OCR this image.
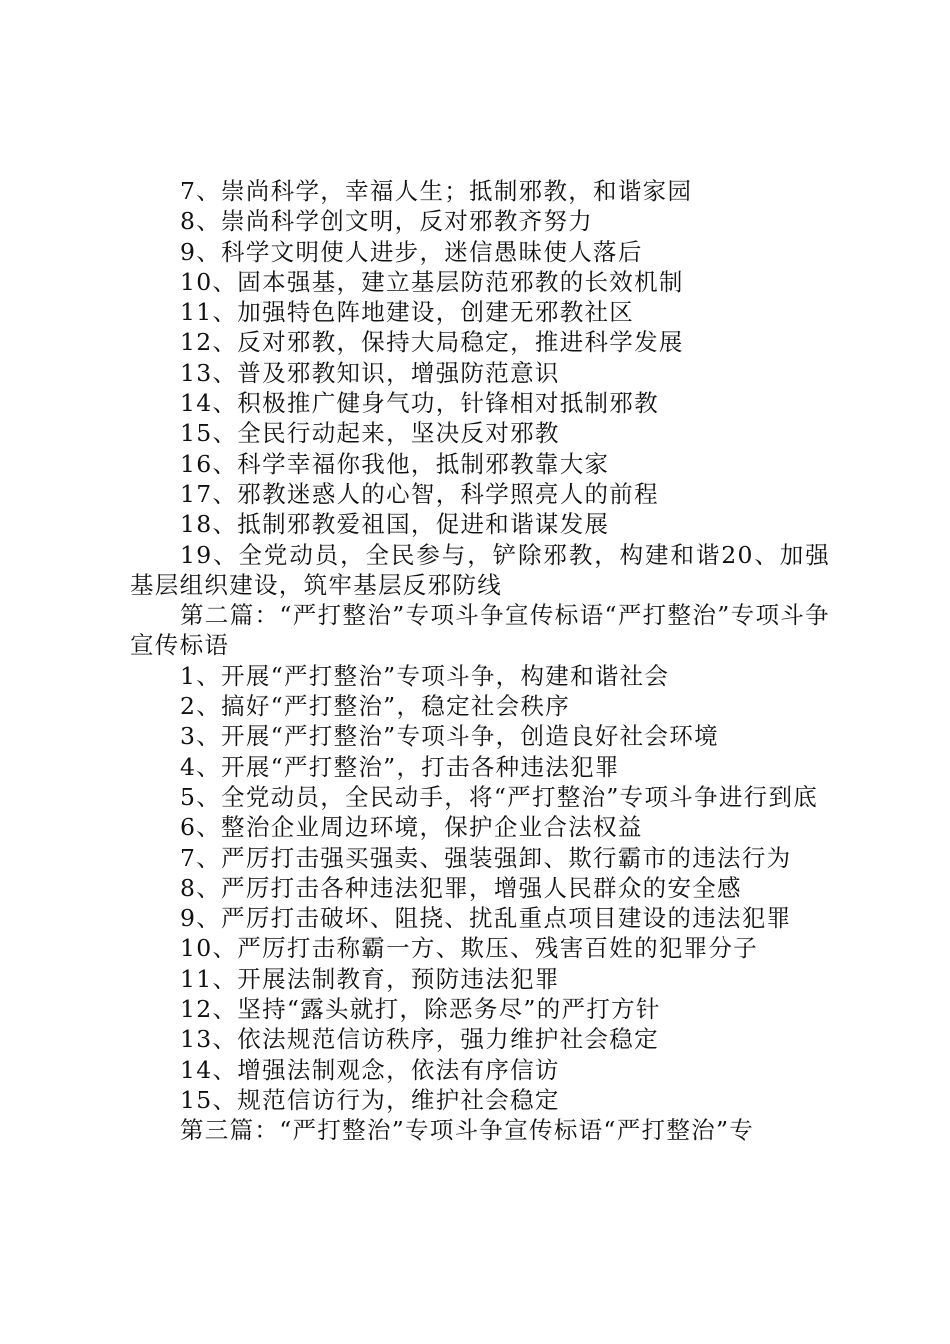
7、崇尚科学，幸福人生；抵制邪教，和谐家园

8、崇尚科学创文明，反对邪教齐努力

9、科学文明使人进步，迷信愚昧使人落后

10、固本强基，建立基层防范邪教的长效机制

11、加强特色阵地建设，创建无邪教社区

12、反对邪教，保持大局稳定，推进科学发展

13、普及邪教知识，增强防范意识

14、积极推广健身气功，针锋相对抵制邪教

15、全民行动起来，坚决反对邪教

16、科学幸福你我他，抵制邪教靠大家

17、邪教迷惑人的心智，科学照亮人的前程

18、抵制邪教爱祖国，促进和谐谋发展

19、全党动员，全民参与，铲除邪教，构建和谐20、加强基层组织建设，筑牢基层反邪防线

第二篇：“严打整治”专项斗争宣传标语“严打整治”专项斗争宣传标语

1、开展“严打整治”专项斗争，构建和谐社会

2、搞好“严打整治”，稳定社会秩序

3、开展“严打整治”专项斗争，创造良好社会环境

4、开展“严打整治”，打击各种违法犯罪

5、全党动员，全民动手，将“严打整治”专项斗争进行到底

6、整治企业周边环境，保护企业合法权益

7、严厉打击强买强卖、强装强卸、欺行霸市的违法行为

8、严厉打击各种违法犯罪，增强人民群众的安全感

9、严厉打击破坏、阻挠、扰乱重点项目建设的违法犯罪

10、严厉打击称霸一方、欺压、残害百姓的犯罪分子

11、开展法制教育，预防违法犯罪

12、坚持“露头就打，除恶务尽”的严打方针

13、依法规范信访秩序，强力维护社会稳定

14、增强法制观念，依法有序信访

15、规范信访行为，维护社会稳定

第三篇：“严打整治”专项斗争宣传标语“严打整治”专
